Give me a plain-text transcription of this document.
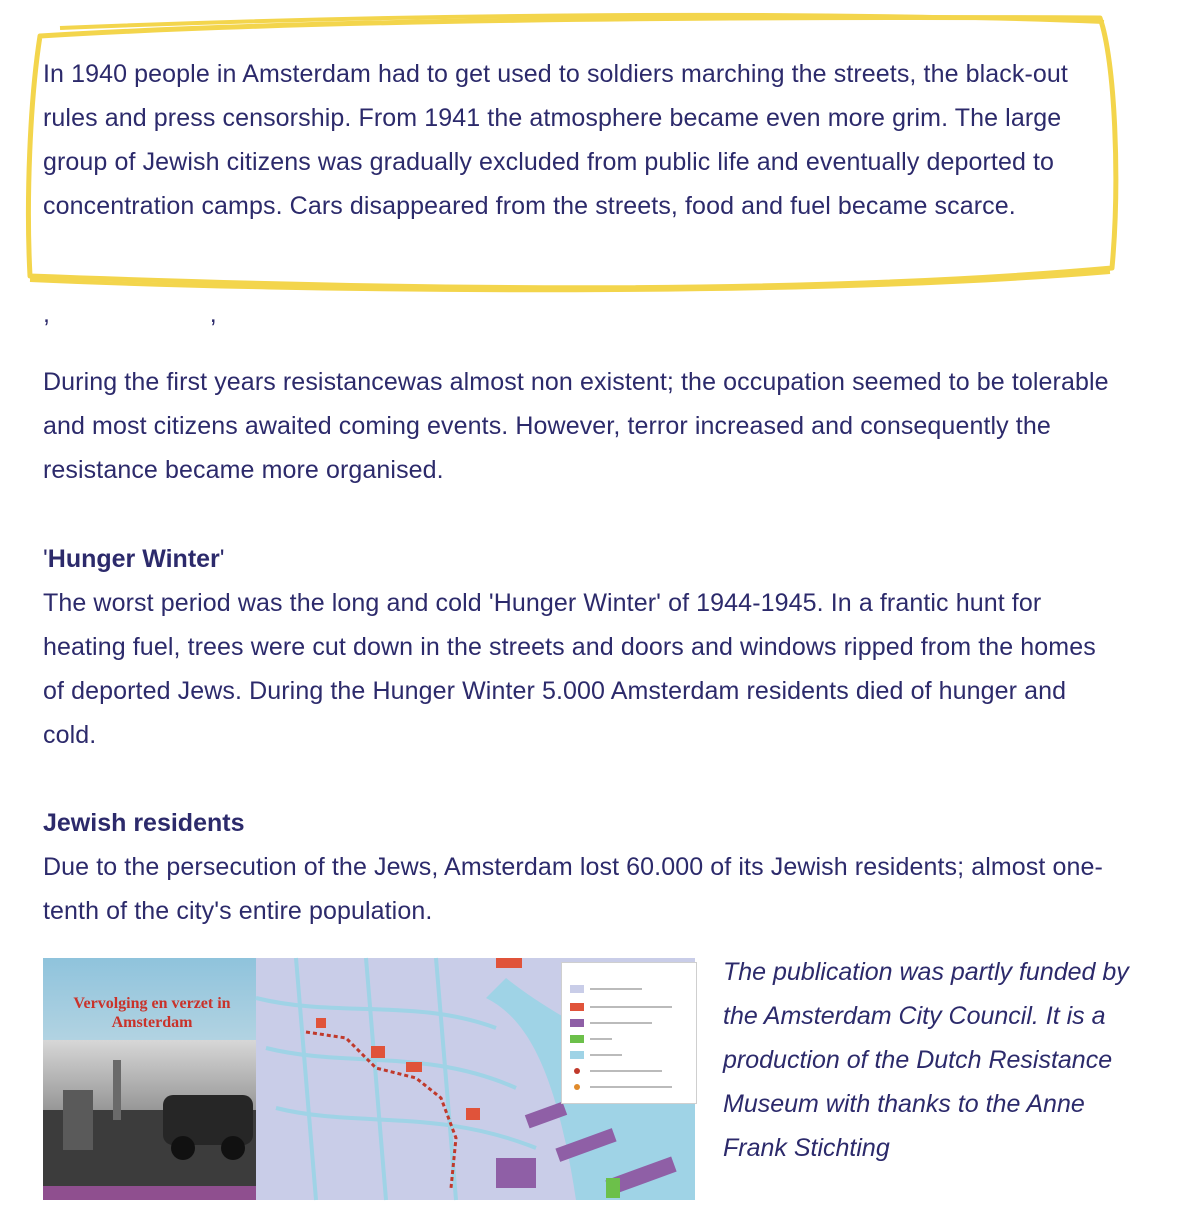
In 1940 people in Amsterdam had to get used to soldiers marching the streets, the black-out rules and press censorship. From 1941 the atmosphere became even more grim. The large group of Jewish citizens was gradually excluded from public life and eventually deported to concentration camps. Cars disappeared from the streets, food and fuel became scarce.

,                       ,

During the first years resistancewas almost non existent; the occupation seemed to be tolerable and most citizens awaited coming events. However, terror increased and consequently the resistance became more organised.

'Hunger Winter'

The worst period was the long and cold 'Hunger Winter' of 1944-1945. In a frantic hunt for heating fuel, trees were cut down in the streets and doors and windows ripped from the homes of deported Jews. During the Hunger Winter 5.000 Amsterdam residents died of hunger and cold.

Jewish residents

Due to the persecution of the Jews, Amsterdam lost 60.000 of its Jewish residents; almost one-tenth of the city's entire population.

Vervolging en verzet in Amsterdam

The publication was partly funded by the Amsterdam City Council. It is a production of the Dutch Resistance Museum with thanks to the Anne Frank Stichting
